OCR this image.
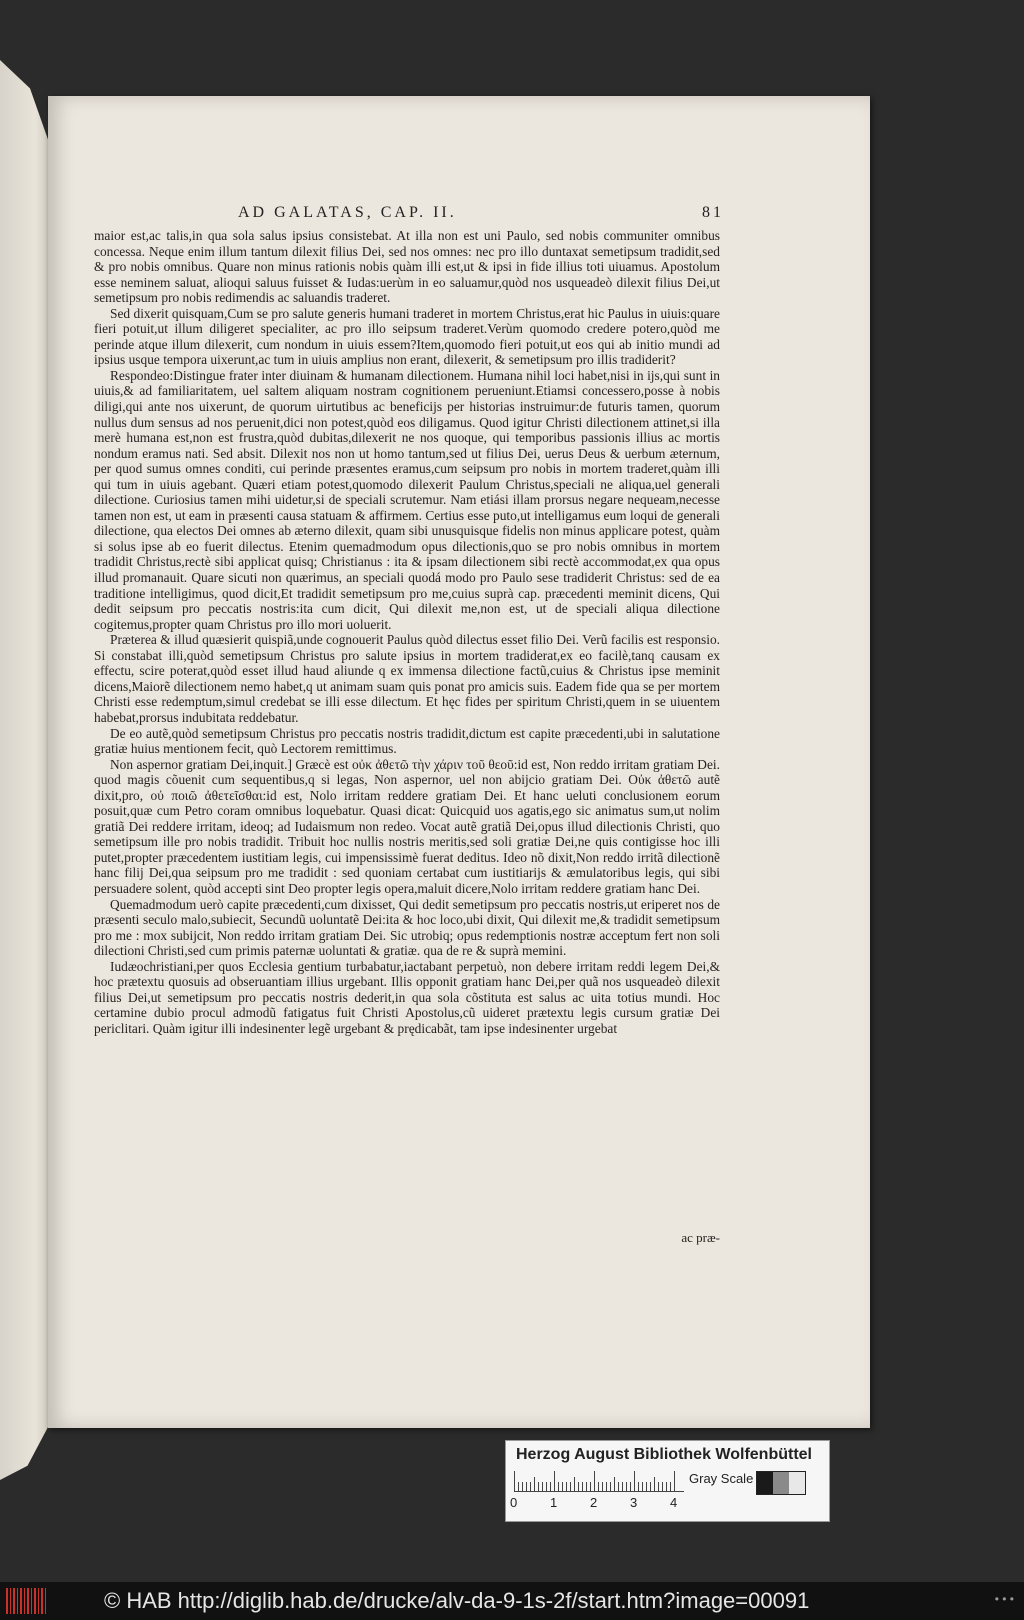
AD GALATAS, CAP. II.	81

maior est,ac talis,in qua sola salus ipsius consistebat. At illa non est uni Paulo, sed nobis communiter omnibus concessa. Neque enim illum tantum dilexit filius Dei, sed nos omnes: nec pro illo duntaxat semetipsum tradidit,sed & pro nobis omnibus. Quare non minus rationis nobis quàm illi est,ut & ipsi in fide illius toti uiuamus. Apostolum esse neminem saluat, alioqui saluus fuisset & Iudas:uerùm in eo saluamur,quòd nos usqueadeò dilexit filius Dei,ut semetipsum pro nobis redimendis ac saluandis traderet.

Sed dixerit quisquam,Cum se pro salute generis humani traderet in mortem Christus,erat hic Paulus in uiuis:quare fieri potuit,ut illum diligeret specialiter, ac pro illo seipsum traderet.Verùm quomodo credere potero,quòd me perinde atque illum dilexerit, cum nondum in uiuis essem?Item,quomodo fieri potuit,ut eos qui ab initio mundi ad ipsius usque tempora uixerunt,ac tum in uiuis amplius non erant, dilexerit, & semetipsum pro illis tradiderit?

Respondeo:Distingue frater inter diuinam & humanam dilectionem. Humana nihil loci habet,nisi in ijs,qui sunt in uiuis,& ad familiaritatem, uel saltem aliquam nostram cognitionem perueniunt.Etiamsi concessero,posse à nobis diligi,qui ante nos uixerunt, de quorum uirtutibus ac beneficijs per historias instruimur:de futuris tamen, quorum nullus dum sensus ad nos peruenit,dici non potest,quòd eos diligamus. Quod igitur Christi dilectionem attinet,si illa merè humana est,non est frustra,quòd dubitas,dilexerit ne nos quoque, qui temporibus passionis illius ac mortis nondum eramus nati. Sed absit. Dilexit nos non ut homo tantum,sed ut filius Dei, uerus Deus & uerbum æternum, per quod sumus omnes conditi, cui perinde præsentes eramus,cum seipsum pro nobis in mortem traderet,quàm illi qui tum in uiuis agebant. Quæri etiam potest,quomodo dilexerit Paulum Christus,speciali ne aliqua,uel generali dilectione. Curiosius tamen mihi uidetur,si de speciali scrutemur. Nam etiási illam prorsus negare nequeam,necesse tamen non est, ut eam in præsenti causa statuam & affirmem. Certius esse puto,ut intelligamus eum loqui de generali dilectione, qua electos Dei omnes ab æterno dilexit, quam sibi unusquisque fidelis non minus applicare potest, quàm si solus ipse ab eo fuerit dilectus. Etenim quemadmodum opus dilectionis,quo se pro nobis omnibus in mortem tradidit Christus,rectè sibi applicat quisq; Christianus : ita & ipsam dilectionem sibi rectè accommodat,ex qua opus illud promanauit. Quare sicuti non quærimus, an speciali quodá modo pro Paulo sese tradiderit Christus: sed de ea traditione intelligimus, quod dicit,Et tradidit semetipsum pro me,cuius suprà cap. præcedenti meminit dicens, Qui dedit seipsum pro peccatis nostris:ita cum dicit, Qui dilexit me,non est, ut de speciali aliqua dilectione cogitemus,propter quam Christus pro illo mori uoluerit.

Præterea & illud quæsierit quispiã,unde cognouerit Paulus quòd dilectus esset filio Dei. Verũ facilis est responsio. Si constabat illi,quòd semetipsum Christus pro salute ipsius in mortem tradiderat,ex eo facilè,tanq causam ex effectu, scire poterat,quòd esset illud haud aliunde q ex immensa dilectione factũ,cuius & Christus ipse meminit dicens,Maiorẽ dilectionem nemo habet,q ut animam suam quis ponat pro amicis suis. Eadem fide qua se per mortem Christi esse redemptum,simul credebat se illi esse dilectum. Et hęc fides per spiritum Christi,quem in se uiuentem habebat,prorsus indubitata reddebatur.

De eo autẽ,quòd semetipsum Christus pro peccatis nostris tradidit,dictum est capite præcedenti,ubi in salutatione gratiæ huius mentionem fecit, quò Lectorem remittimus.

Non aspernor gratiam Dei,inquit.] Græcè est οὐκ ἀθετῶ τὴν χάριν τοῦ θεοῦ:id est, Non reddo irritam gratiam Dei. quod magis cõuenit cum sequentibus,q si legas, Non aspernor, uel non abijcio gratiam Dei. Οὐκ ἀθετῶ autẽ dixit,pro, οὐ ποιῶ ἀθετεῖσθαι:id est, Nolo irritam reddere gratiam Dei. Et hanc ueluti conclusionem eorum posuit,quæ cum Petro coram omnibus loquebatur. Quasi dicat: Quicquid uos agatis,ego sic animatus sum,ut nolim gratiã Dei reddere irritam, ideoq; ad Iudaismum non redeo. Vocat autẽ gratiã Dei,opus illud dilectionis Christi, quo semetipsum ille pro nobis tradidit. Tribuit hoc nullis nostris meritis,sed soli gratiæ Dei,ne quis contigisse hoc illi putet,propter præcedentem iustitiam legis, cui impensissimè fuerat deditus. Ideo nõ dixit,Non reddo irritã dilectionẽ hanc filij Dei,qua seipsum pro me tradidit : sed quoniam certabat cum iustitiarijs & æmulatoribus legis, qui sibi persuadere solent, quòd accepti sint Deo propter legis opera,maluit dicere,Nolo irritam reddere gratiam hanc Dei.

Quemadmodum uerò capite præcedenti,cum dixisset, Qui dedit semetipsum pro peccatis nostris,ut eriperet nos de præsenti seculo malo,subiecit, Secundũ uoluntatẽ Dei:ita & hoc loco,ubi dixit, Qui dilexit me,& tradidit semetipsum pro me : mox subijcit, Non reddo irritam gratiam Dei. Sic utrobiq; opus redemptionis nostræ acceptum fert non soli dilectioni Christi,sed cum primis paternæ uoluntati & gratiæ. qua de re & suprà memini.

Iudæochristiani,per quos Ecclesia gentium turbabatur,iactabant perpetuò, non debere irritam reddi legem Dei,& hoc prætextu quosuis ad obseruantiam illius urgebant. Illis opponit gratiam hanc Dei,per quã nos usqueadeò dilexit filius Dei,ut semetipsum pro peccatis nostris dederit,in qua sola cõstituta est salus ac uita totius mundi. Hoc certamine dubio procul admodũ fatigatus fuit Christi Apostolus,cũ uideret prætextu legis cursum gratiæ Dei periclitari. Quàm igitur illi indesinenter legẽ urgebant & prędicabãt, tam ipse indesinenter urgebat

ac præ-
Herzog August Bibliothek Wolfenbüttel
0	1	2	3	4
Gray Scale
© HAB http://diglib.hab.de/drucke/alv-da-9-1s-2f/start.htm?image=00091	• • •
